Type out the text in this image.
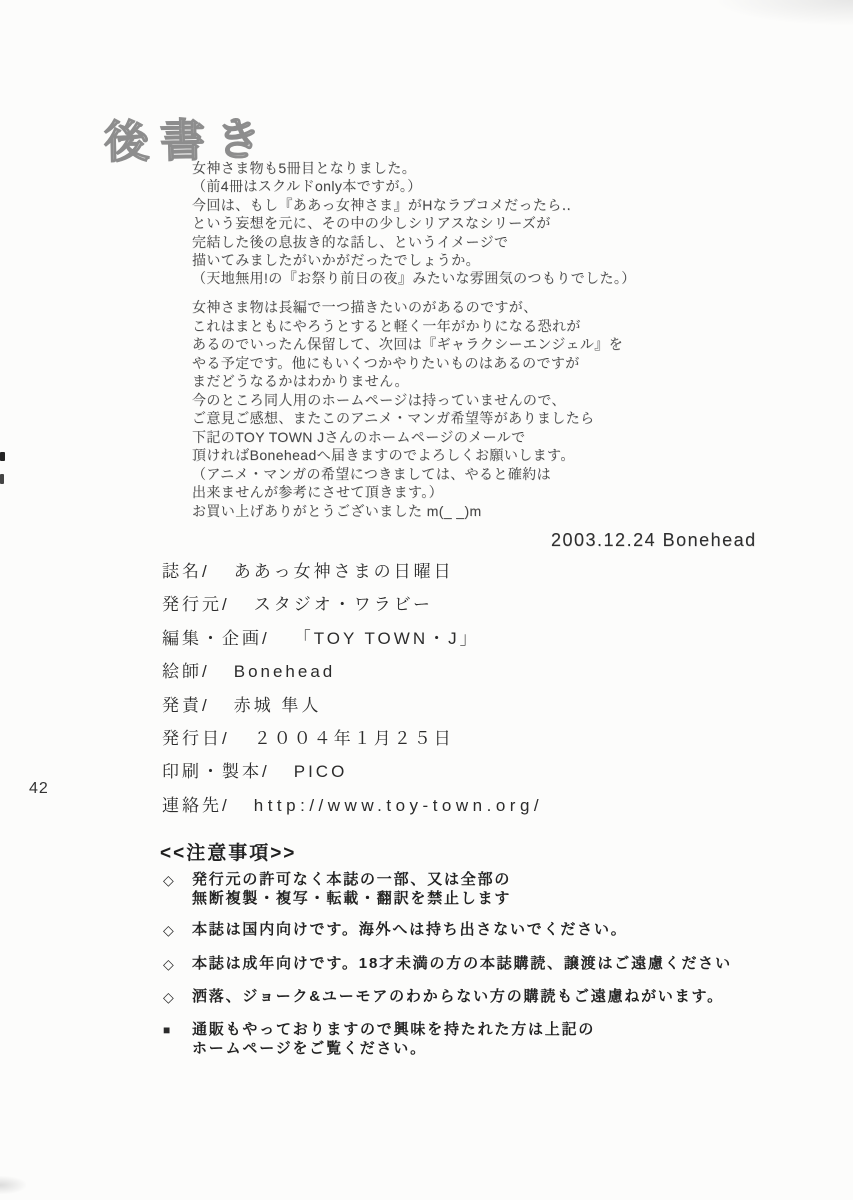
後書き
女神さま物も5冊目となりました。
（前4冊はスクルドonly本ですが。）
今回は、もし『ああっ女神さま』がHなラブコメだったら‥
という妄想を元に、その中の少しシリアスなシリーズが
完結した後の息抜き的な話し、というイメージで
描いてみましたがいかがだったでしょうか。
（天地無用!の『お祭り前日の夜』みたいな雰囲気のつもりでした。）
女神さま物は長編で一つ描きたいのがあるのですが、
これはまともにやろうとすると軽く一年がかりになる恐れが
あるのでいったん保留して、次回は『ギャラクシーエンジェル』を
やる予定です。他にもいくつかやりたいものはあるのですが
まだどうなるかはわかりません。
今のところ同人用のホームページは持っていませんので、
ご意見ご感想、またこのアニメ・マンガ希望等がありましたら
下記のTOY TOWN Jさんのホームページのメールで
頂ければBoneheadへ届きますのでよろしくお願いします。
（アニメ・マンガの希望につきましては、やると確約は
出来ませんが参考にさせて頂きます。）
お買い上げありがとうございました m(_ _)m
2003.12.24 Bonehead
誌名/ ああっ女神さまの日曜日
発行元/ スタジオ・ワラビー
編集・企画/ 「TOY TOWN・J」
絵師/ Bonehead
発責/ 赤城 隼人
発行日/ ２００４年１月２５日
印刷・製本/ PICO
連絡先/ http://www.toy-town.org/
42
<<注意事項>>
◇	発行元の許可なく本誌の一部、又は全部の
無断複製・複写・転載・翻訳を禁止します
◇	本誌は国内向けです。海外へは持ち出さないでください。
◇	本誌は成年向けです。18才未満の方の本誌購読、譲渡はご遠慮ください
◇	洒落、ジョーク&ユーモアのわからない方の購読もご遠慮ねがいます。
■	通販もやっておりますので興味を持たれた方は上記の
ホームページをご覧ください。
